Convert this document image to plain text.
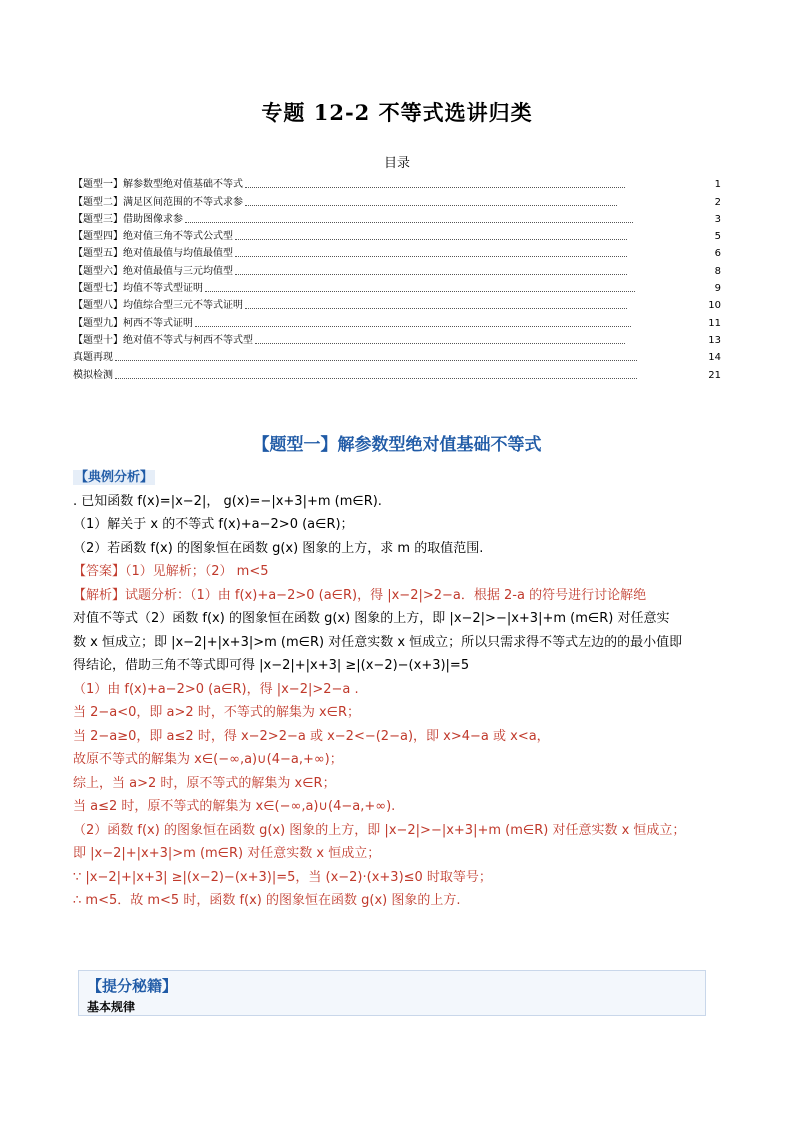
专题 12-2 不等式选讲归类
目录
【题型一】解参数型绝对值基础不等式	1
【题型二】满足区间范围的不等式求参	2
【题型三】借助图像求参	3
【题型四】绝对值三角不等式公式型	5
【题型五】绝对值最值与均值最值型	6
【题型六】绝对值最值与三元均值型	8
【题型七】均值不等式型证明	9
【题型八】均值综合型三元不等式证明	10
【题型九】柯西不等式证明	11
【题型十】绝对值不等式与柯西不等式型	13
真题再现	14
模拟检测	21
【题型一】解参数型绝对值基础不等式

【典例分析】

. 已知函数 f(x)=|x−2|， g(x)=−|x+3|+m (m∈R).

（1）解关于 x 的不等式 f(x)+a−2>0 (a∈R)；

（2）若函数 f(x) 的图象恒在函数 g(x) 图象的上方，求 m 的取值范围.

【答案】（1）见解析；（2） m<5

【解析】试题分析：（1）由 f(x)+a−2>0 (a∈R)，得 |x−2|>2−a．根据 2-a 的符号进行讨论解绝

对值不等式（2）函数 f(x) 的图象恒在函数 g(x) 图象的上方，即 |x−2|>−|x+3|+m (m∈R) 对任意实

数 x 恒成立；即 |x−2|+|x+3|>m (m∈R) 对任意实数 x 恒成立；所以只需求得不等式左边的的最小值即

得结论，借助三角不等式即可得 |x−2|+|x+3| ≥|(x−2)−(x+3)|=5

（1）由 f(x)+a−2>0 (a∈R)，得 |x−2|>2−a .

当 2−a<0，即 a>2 时，不等式的解集为 x∈R；

当 2−a≥0，即 a≤2 时，得 x−2>2−a 或 x−2<−(2−a)，即 x>4−a 或 x<a，

故原不等式的解集为 x∈(−∞,a)∪(4−a,+∞)；

综上，当 a>2 时，原不等式的解集为 x∈R；

当 a≤2 时，原不等式的解集为 x∈(−∞,a)∪(4−a,+∞).

（2）函数 f(x) 的图象恒在函数 g(x) 图象的上方，即 |x−2|>−|x+3|+m (m∈R) 对任意实数 x 恒成立；

即 |x−2|+|x+3|>m (m∈R) 对任意实数 x 恒成立；

∵ |x−2|+|x+3| ≥|(x−2)−(x+3)|=5，当 (x−2)·(x+3)≤0 时取等号；

∴ m<5．故 m<5 时，函数 f(x) 的图象恒在函数 g(x) 图象的上方.

【提分秘籍】
基本规律
